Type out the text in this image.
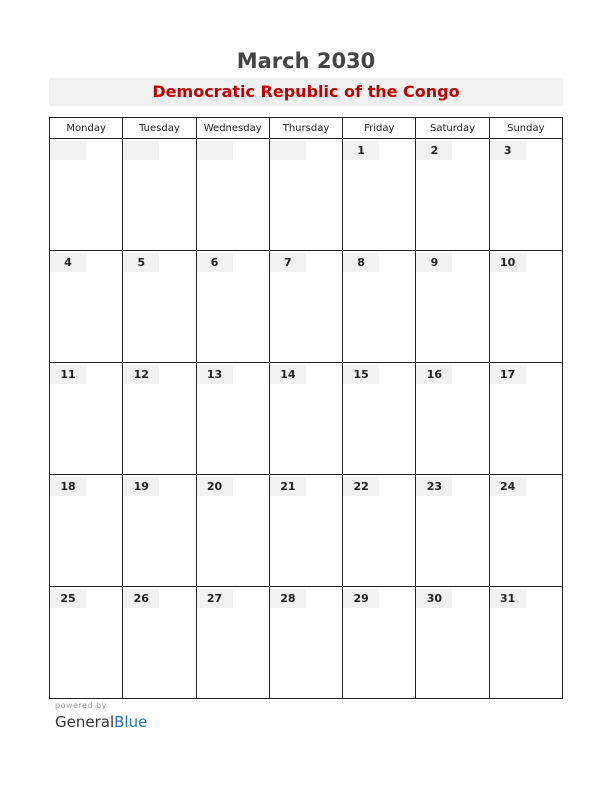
March 2030
Democratic Republic of the Congo
Monday	Tuesday	Wednesday	Thursday	Friday	Saturday	Sunday

				1	2	3

4	5	6	7	8	9	10

11	12	13	14	15	16	17

18	19	20	21	22	23	24

25	26	27	28	29	30	31
powered by
GeneralBlue
